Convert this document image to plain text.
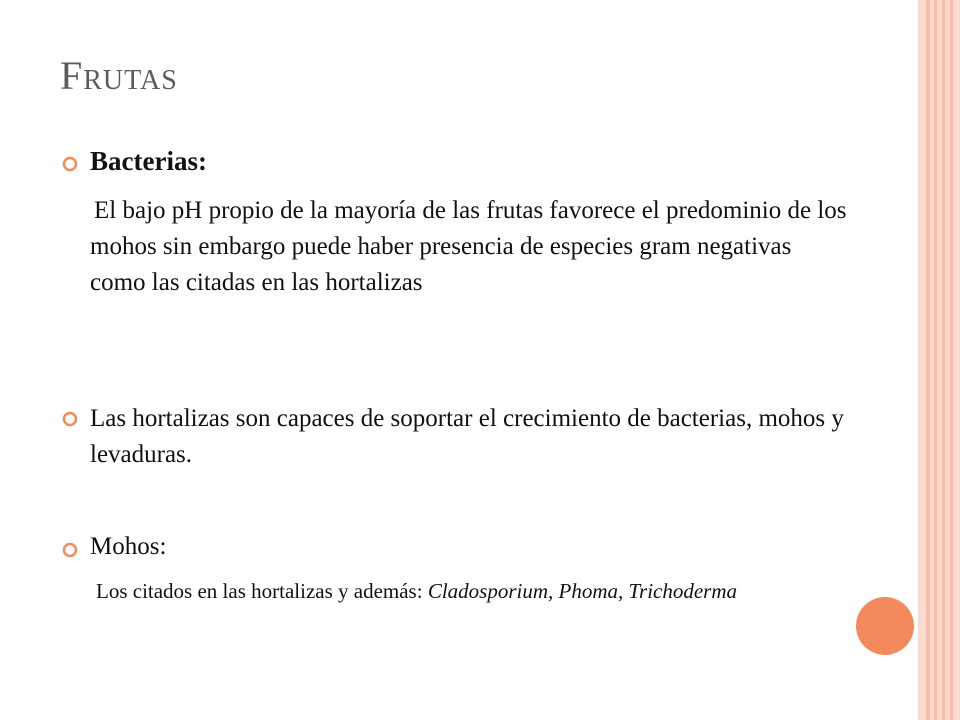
Frutas

Bacterias:

El bajo pH propio de la mayoría de las frutas favorece el predominio de los mohos sin embargo puede haber presencia de especies gram negativas como las citadas en las hortalizas

Las hortalizas son capaces de soportar el crecimiento de bacterias, mohos y levaduras.

Mohos:

Los citados en las hortalizas y además: Cladosporium, Phoma, Trichoderma
